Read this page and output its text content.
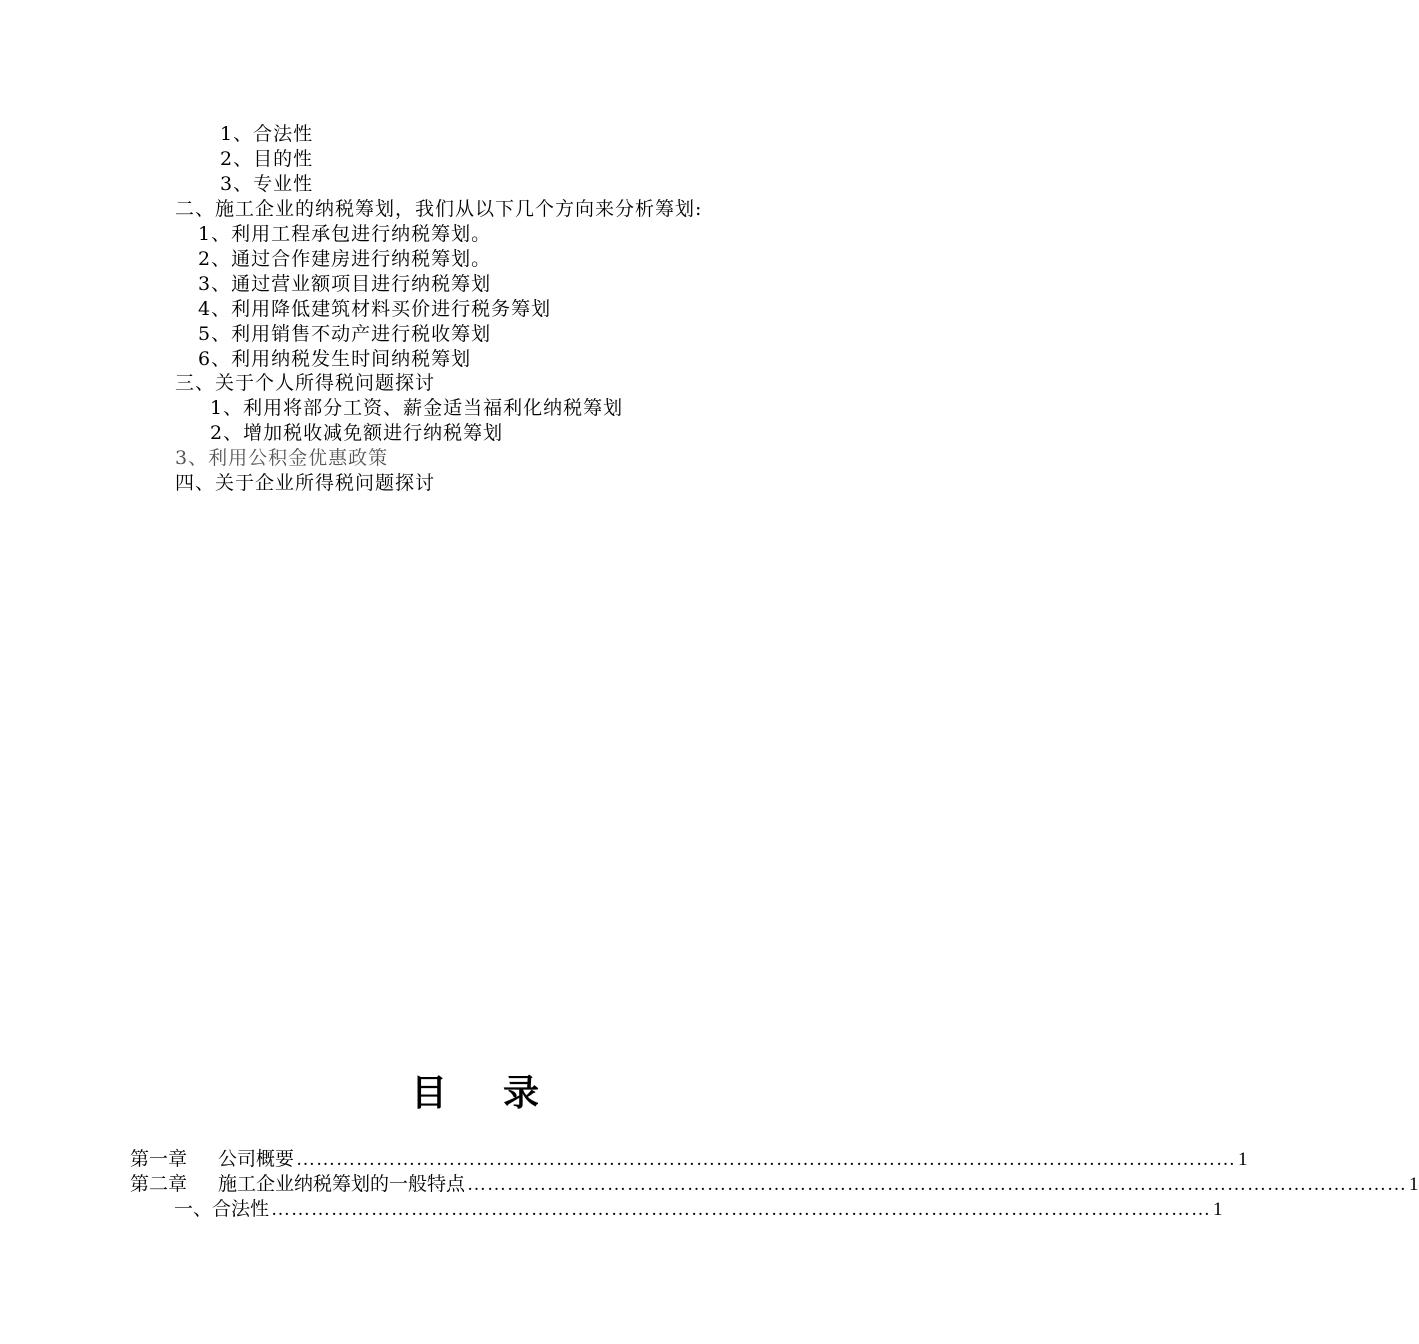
1、合法性
2、目的性
3、专业性
二、施工企业的纳税筹划，我们从以下几个方向来分析筹划:
1、利用工程承包进行纳税筹划。
2、通过合作建房进行纳税筹划。
3、通过营业额项目进行纳税筹划
4、利用降低建筑材料买价进行税务筹划
5、利用销售不动产进行税收筹划
6、利用纳税发生时间纳税筹划
三、关于个人所得税问题探讨
1、利用将部分工资、薪金适当福利化纳税筹划
2、增加税收减免额进行纳税筹划
3、利用公积金优惠政策
四、关于企业所得税问题探讨
目 录
第一章 公司概要 …………………………………………………………………………………………………………………………… 1
第二章 施工企业纳税筹划的一般特点 …………………………………………………………………………………………………………………………… 1
一、合法性 …………………………………………………………………………………………………………………………… 1
